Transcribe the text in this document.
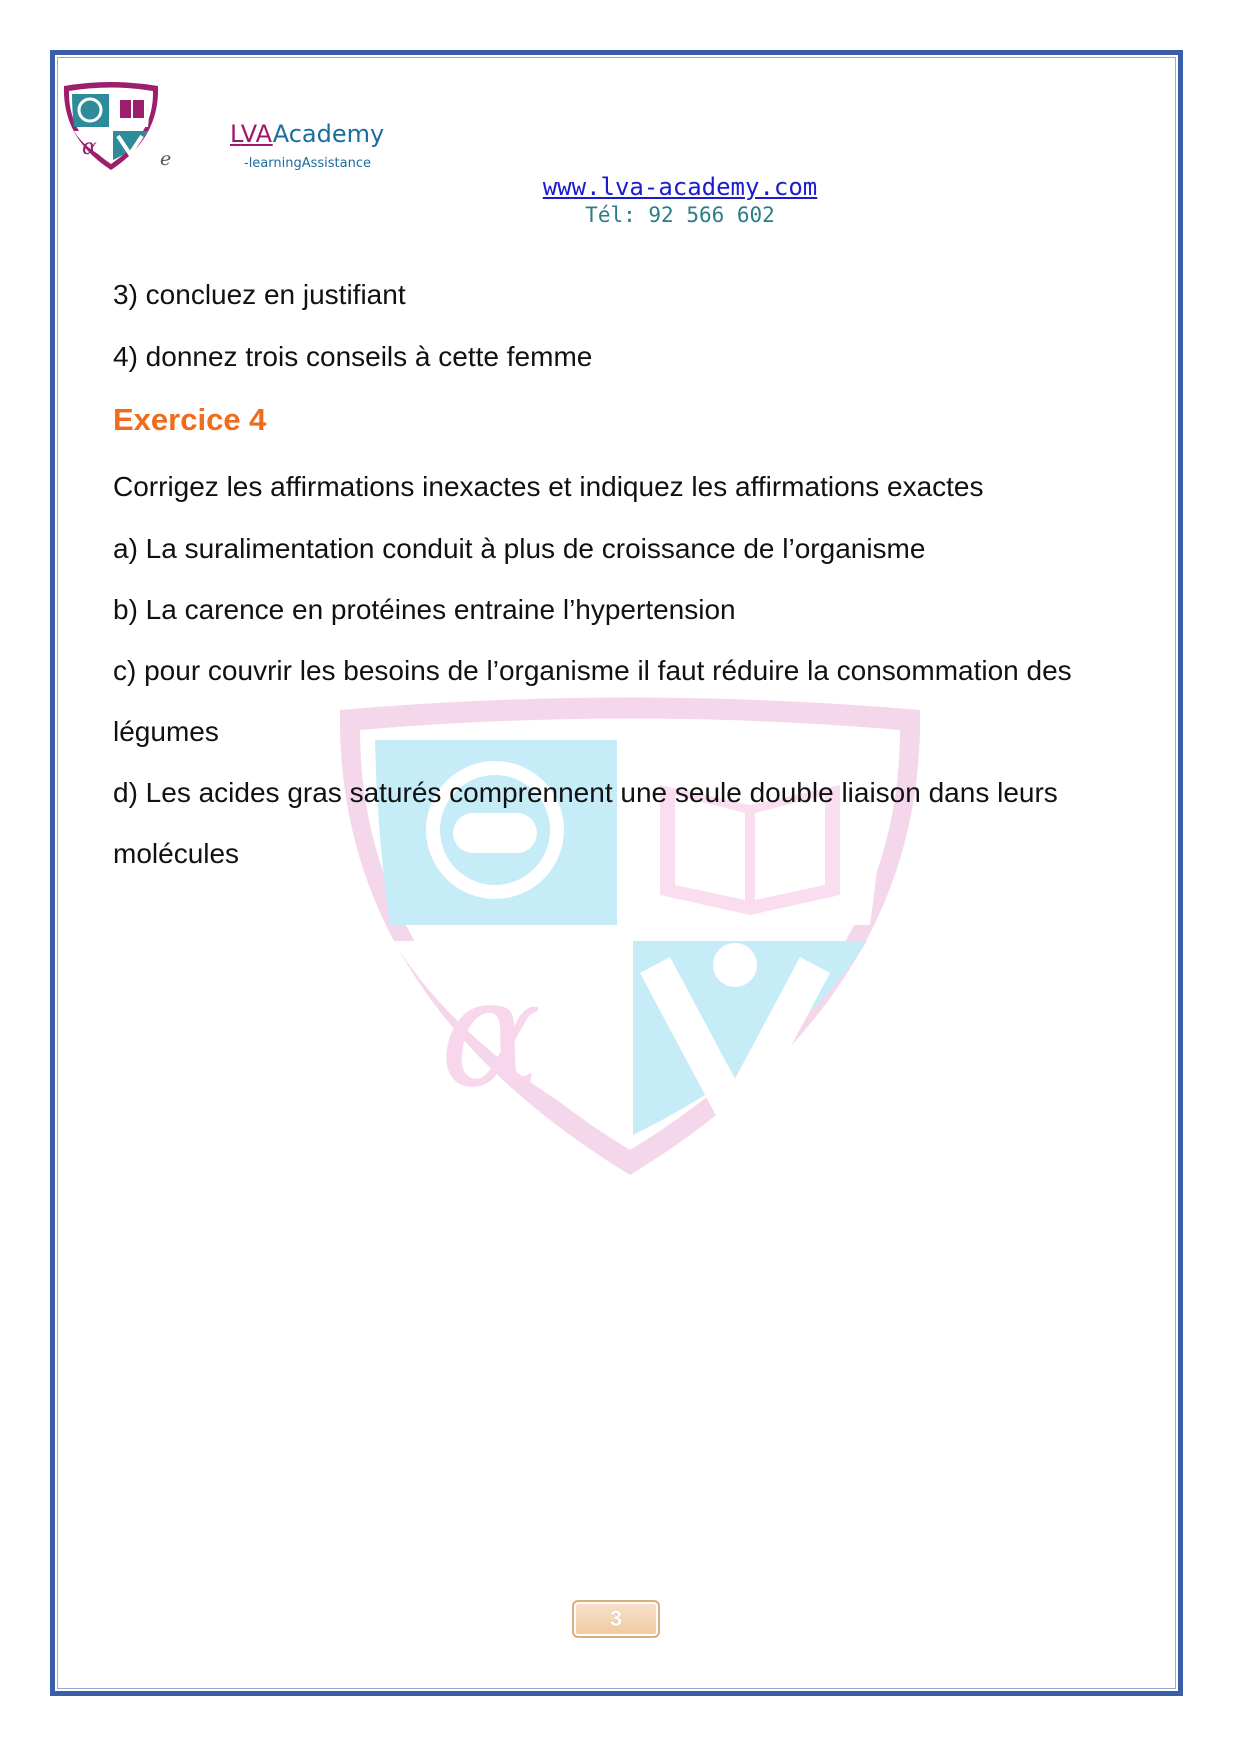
α	e
LVAAcademy
-learningAssistance
www.lva-academy.com
Tél: 92 566 602
α
3) concluez en justifiant
4) donnez trois conseils à cette femme
Exercice 4
Corrigez les affirmations inexactes et indiquez les affirmations exactes
a) La suralimentation conduit à plus de croissance de l’organisme
b) La carence en protéines entraine l’hypertension
c) pour couvrir les besoins de l’organisme il faut réduire la consommation des
légumes
d) Les acides gras saturés comprennent une seule double liaison dans leurs
molécules
3
